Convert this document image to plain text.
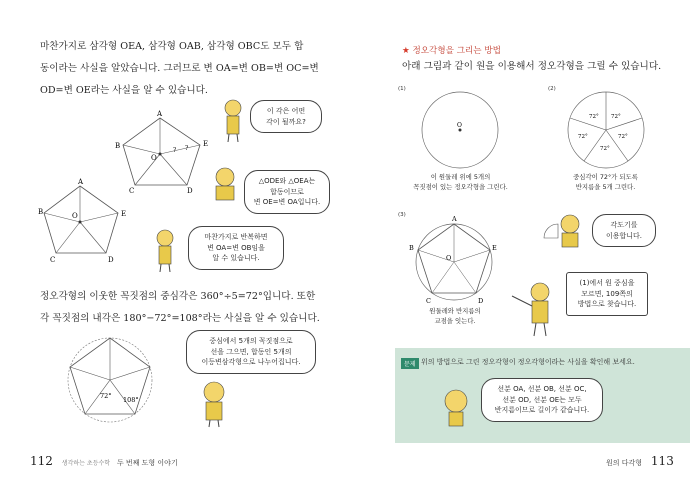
마찬가지로 삼각형 OEA, 삼각형 OAB, 삼각형 OBC도 모두 합
동이라는 사실을 알았습니다. 그러므로 변 OA=변 OB=변 OC=변
OD=변 OE라는 사실을 알 수 있습니다.
A
E
D
C
B
O
? ?
A
E
D
C
B	O
이 각은 어떤
각이 될까요?
△ODE와 △OEA는
합동이므로
변 OE=변 OA입니다.
마찬가지로 반복하면
변 OA=변 OB임을
알 수 있습니다.
정오각형의 이웃한 꼭짓점의 중심각은 360°÷5=72°입니다. 또한
각 꼭짓점의 내각은 180°−72°=108°라는 사실을 알 수 있습니다.
72° 108°
중심에서 5개의 꼭짓점으로
선을 그으면, 합동인 5개의
이등변삼각형으로 나누어집니다.
112 생각하는 초등수학 두 번째 도형 이야기
★ 정오각형을 그리는 방법
아래 그림과 같이 원을 이용해서 정오각형을 그릴 수 있습니다.
(1)
O
이 원둘레 위에 5개의
꼭짓점이 있는 정오각형을 그린다.
(2)
72° 72°
72°
72°
72°
중심각이 72°가 되도록
반지름을 5개 그린다.
(3)	A
E
D
C
B
O
원둘레와 반지름의
교점을 잇는다.
각도기를
이용합니다.
(1)에서 원 중심을
모르면, 109쪽의
방법으로 찾습니다.
문제 위의 방법으로 그린 정오각형이 정오각형이라는 사실을 확인해 보세요.
선분 OA, 선분 OB, 선분 OC,
선분 OD, 선분 OE는 모두
반지름이므로 길이가 같습니다.
원의 다각형 113
